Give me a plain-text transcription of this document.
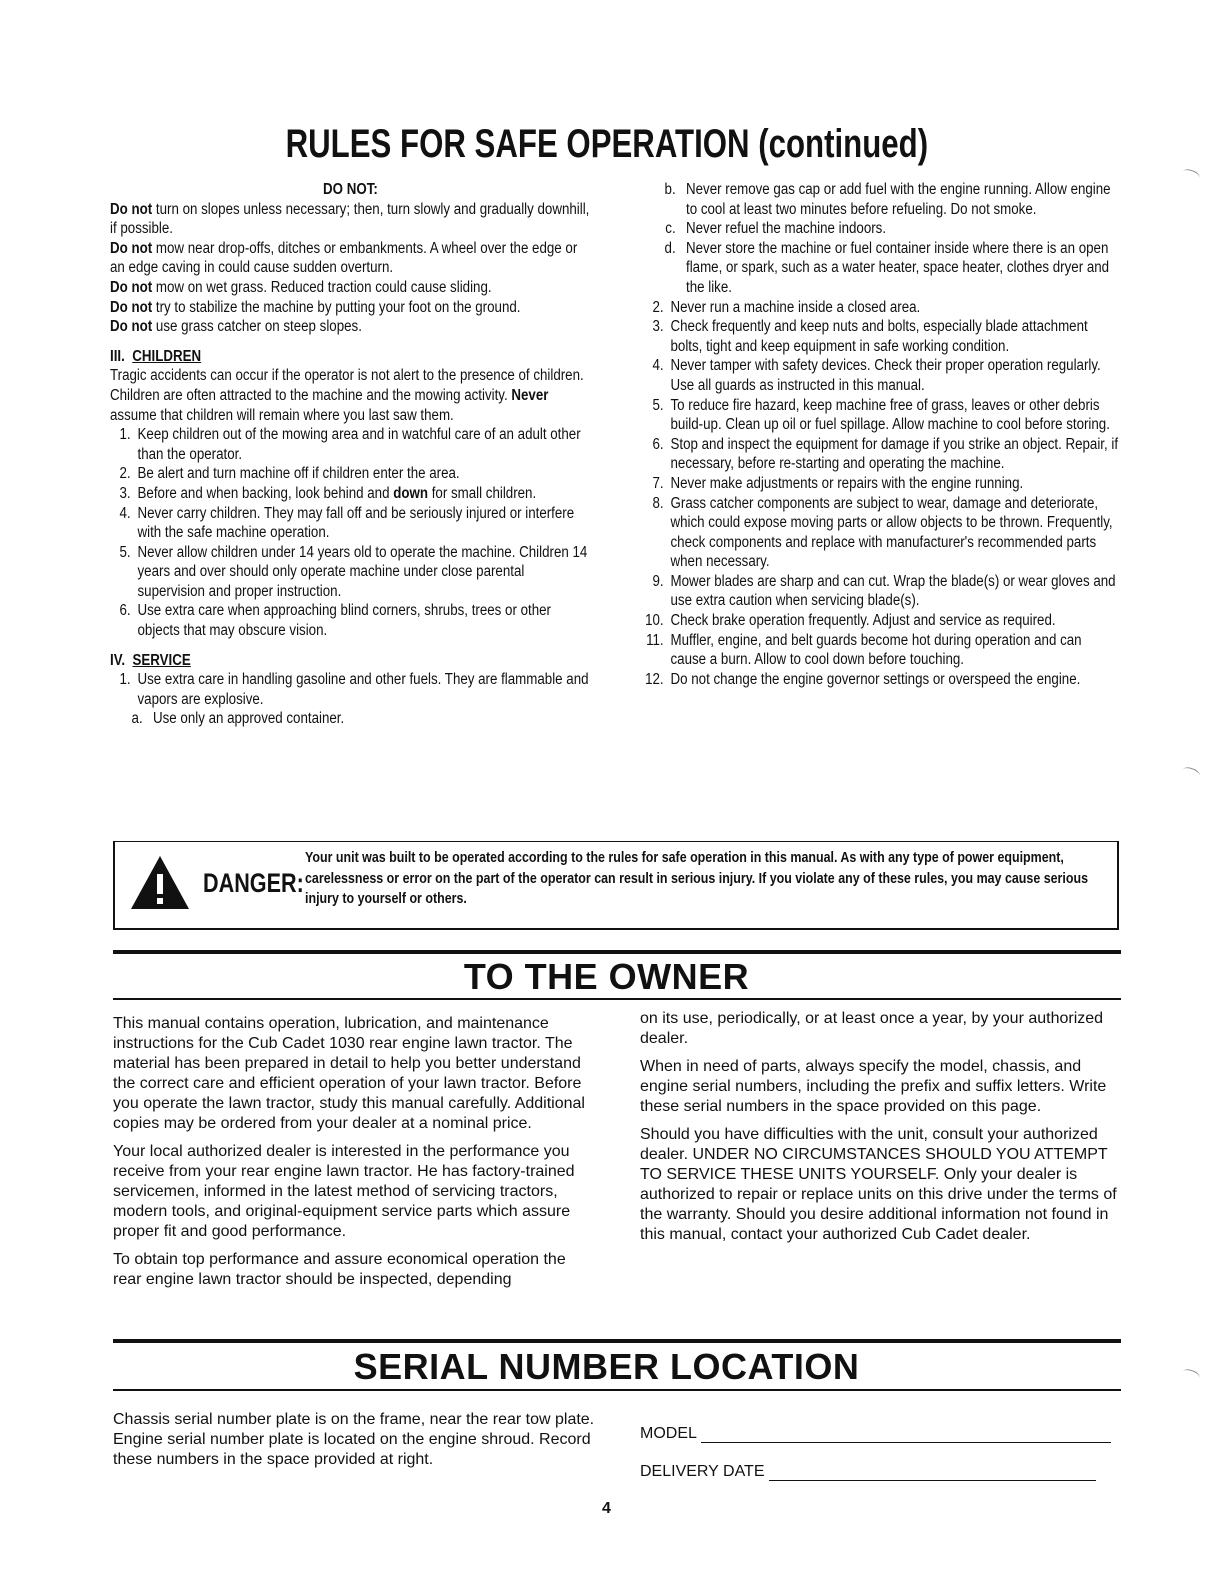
RULES FOR SAFE OPERATION (continued)
DO NOT:
Do not turn on slopes unless necessary; then, turn slowly and gradually downhill, if possible.
Do not mow near drop-offs, ditches or embankments. A wheel over the edge or an edge caving in could cause sudden overturn.
Do not mow on wet grass. Reduced traction could cause sliding.
Do not try to stabilize the machine by putting your foot on the ground.
Do not use grass catcher on steep slopes.
III. CHILDREN
Tragic accidents can occur if the operator is not alert to the presence of children. Children are often attracted to the machine and the mowing activity. Never assume that children will remain where you last saw them.
1. Keep children out of the mowing area and in watchful care of an adult other than the operator.
2. Be alert and turn machine off if children enter the area.
3. Before and when backing, look behind and down for small children.
4. Never carry children. They may fall off and be seriously injured or interfere with the safe machine operation.
5. Never allow children under 14 years old to operate the machine. Children 14 years and over should only operate machine under close parental supervision and proper instruction.
6. Use extra care when approaching blind corners, shrubs, trees or other objects that may obscure vision.
IV. SERVICE
1. Use extra care in handling gasoline and other fuels. They are flammable and vapors are explosive.
a. Use only an approved container.
b. Never remove gas cap or add fuel with the engine running. Allow engine to cool at least two minutes before refueling. Do not smoke.
c. Never refuel the machine indoors.
d. Never store the machine or fuel container inside where there is an open flame, or spark, such as a water heater, space heater, clothes dryer and the like.
2. Never run a machine inside a closed area.
3. Check frequently and keep nuts and bolts, especially blade attachment bolts, tight and keep equipment in safe working condition.
4. Never tamper with safety devices. Check their proper operation regularly. Use all guards as instructed in this manual.
5. To reduce fire hazard, keep machine free of grass, leaves or other debris build-up. Clean up oil or fuel spillage. Allow machine to cool before storing.
6. Stop and inspect the equipment for damage if you strike an object. Repair, if necessary, before re-starting and operating the machine.
7. Never make adjustments or repairs with the engine running.
8. Grass catcher components are subject to wear, damage and deteriorate, which could expose moving parts or allow objects to be thrown. Frequently, check components and replace with manufacturer's recommended parts when necessary.
9. Mower blades are sharp and can cut. Wrap the blade(s) or wear gloves and use extra caution when servicing blade(s).
10. Check brake operation frequently. Adjust and service as required.
11. Muffler, engine, and belt guards become hot during operation and can cause a burn. Allow to cool down before touching.
12. Do not change the engine governor settings or overspeed the engine.
DANGER:
Your unit was built to be operated according to the rules for safe operation in this manual. As with any type of power equipment, carelessness or error on the part of the operator can result in serious injury. If you violate any of these rules, you may cause serious injury to yourself or others.
TO THE OWNER

This manual contains operation, lubrication, and maintenance instructions for the Cub Cadet 1030 rear engine lawn tractor. The material has been prepared in detail to help you better understand the correct care and efficient operation of your lawn tractor. Before you operate the lawn tractor, study this manual carefully. Additional copies may be ordered from your dealer at a nominal price.

Your local authorized dealer is interested in the performance you receive from your rear engine lawn tractor. He has factory-trained servicemen, informed in the latest method of servicing tractors, modern tools, and original-equipment service parts which assure proper fit and good performance.

To obtain top performance and assure economical operation the rear engine lawn tractor should be inspected, depending

on its use, periodically, or at least once a year, by your authorized dealer.

When in need of parts, always specify the model, chassis, and engine serial numbers, including the prefix and suffix letters. Write these serial numbers in the space provided on this page.

Should you have difficulties with the unit, consult your authorized dealer. UNDER NO CIRCUMSTANCES SHOULD YOU ATTEMPT TO SERVICE THESE UNITS YOURSELF. Only your dealer is authorized to repair or replace units on this drive under the terms of the warranty. Should you desire additional information not found in this manual, contact your authorized Cub Cadet dealer.

SERIAL NUMBER LOCATION
Chassis serial number plate is on the frame, near the rear tow plate. Engine serial number plate is located on the engine shroud. Record these numbers in the space provided at right.
MODEL
DELIVERY DATE
4
